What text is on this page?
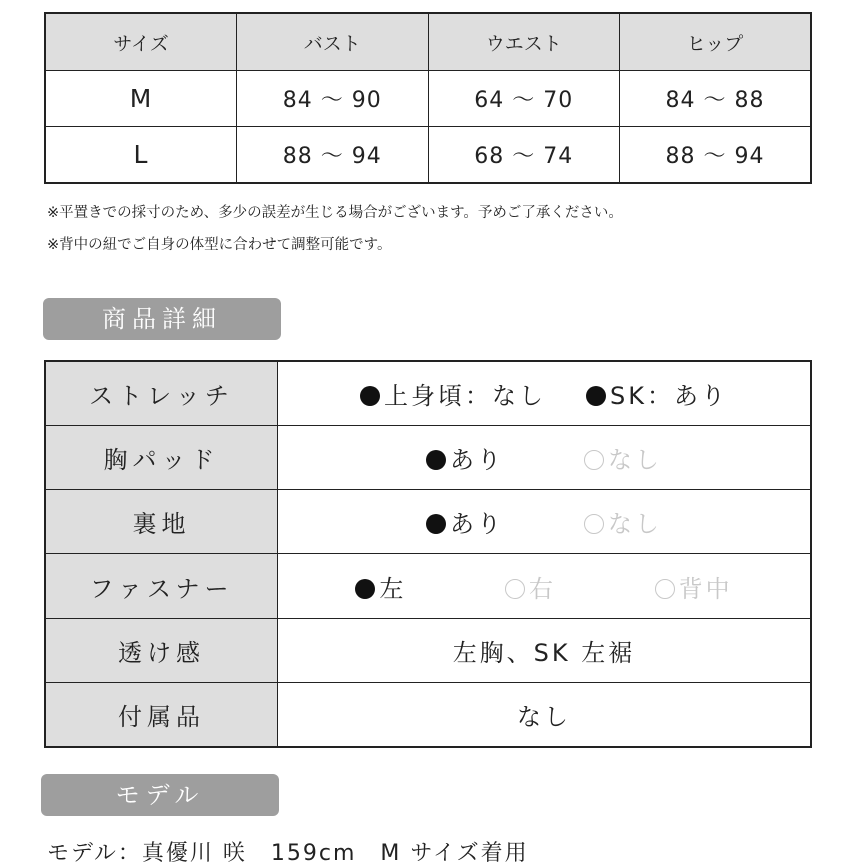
サイズ	バスト	ウエスト	ヒップ
M	84 〜 90	64 〜 70	84 〜 88
L	88 〜 94	68 〜 74	88 〜 94
※平置きでの採寸のため、多少の誤差が生じる場合がございます。予めご了承ください。
※背中の紐でご自身の体型に合わせて調整可能です。
商品詳細
ストレッチ	上身頃：なし SK：あり

胸パッド	あり なし

裏地	あり なし

ファスナー	左 右 背中

透け感	左胸、SK 左裾
付属品	なし
モデル
モデル：真優川 咲　159cm　M サイズ着用
